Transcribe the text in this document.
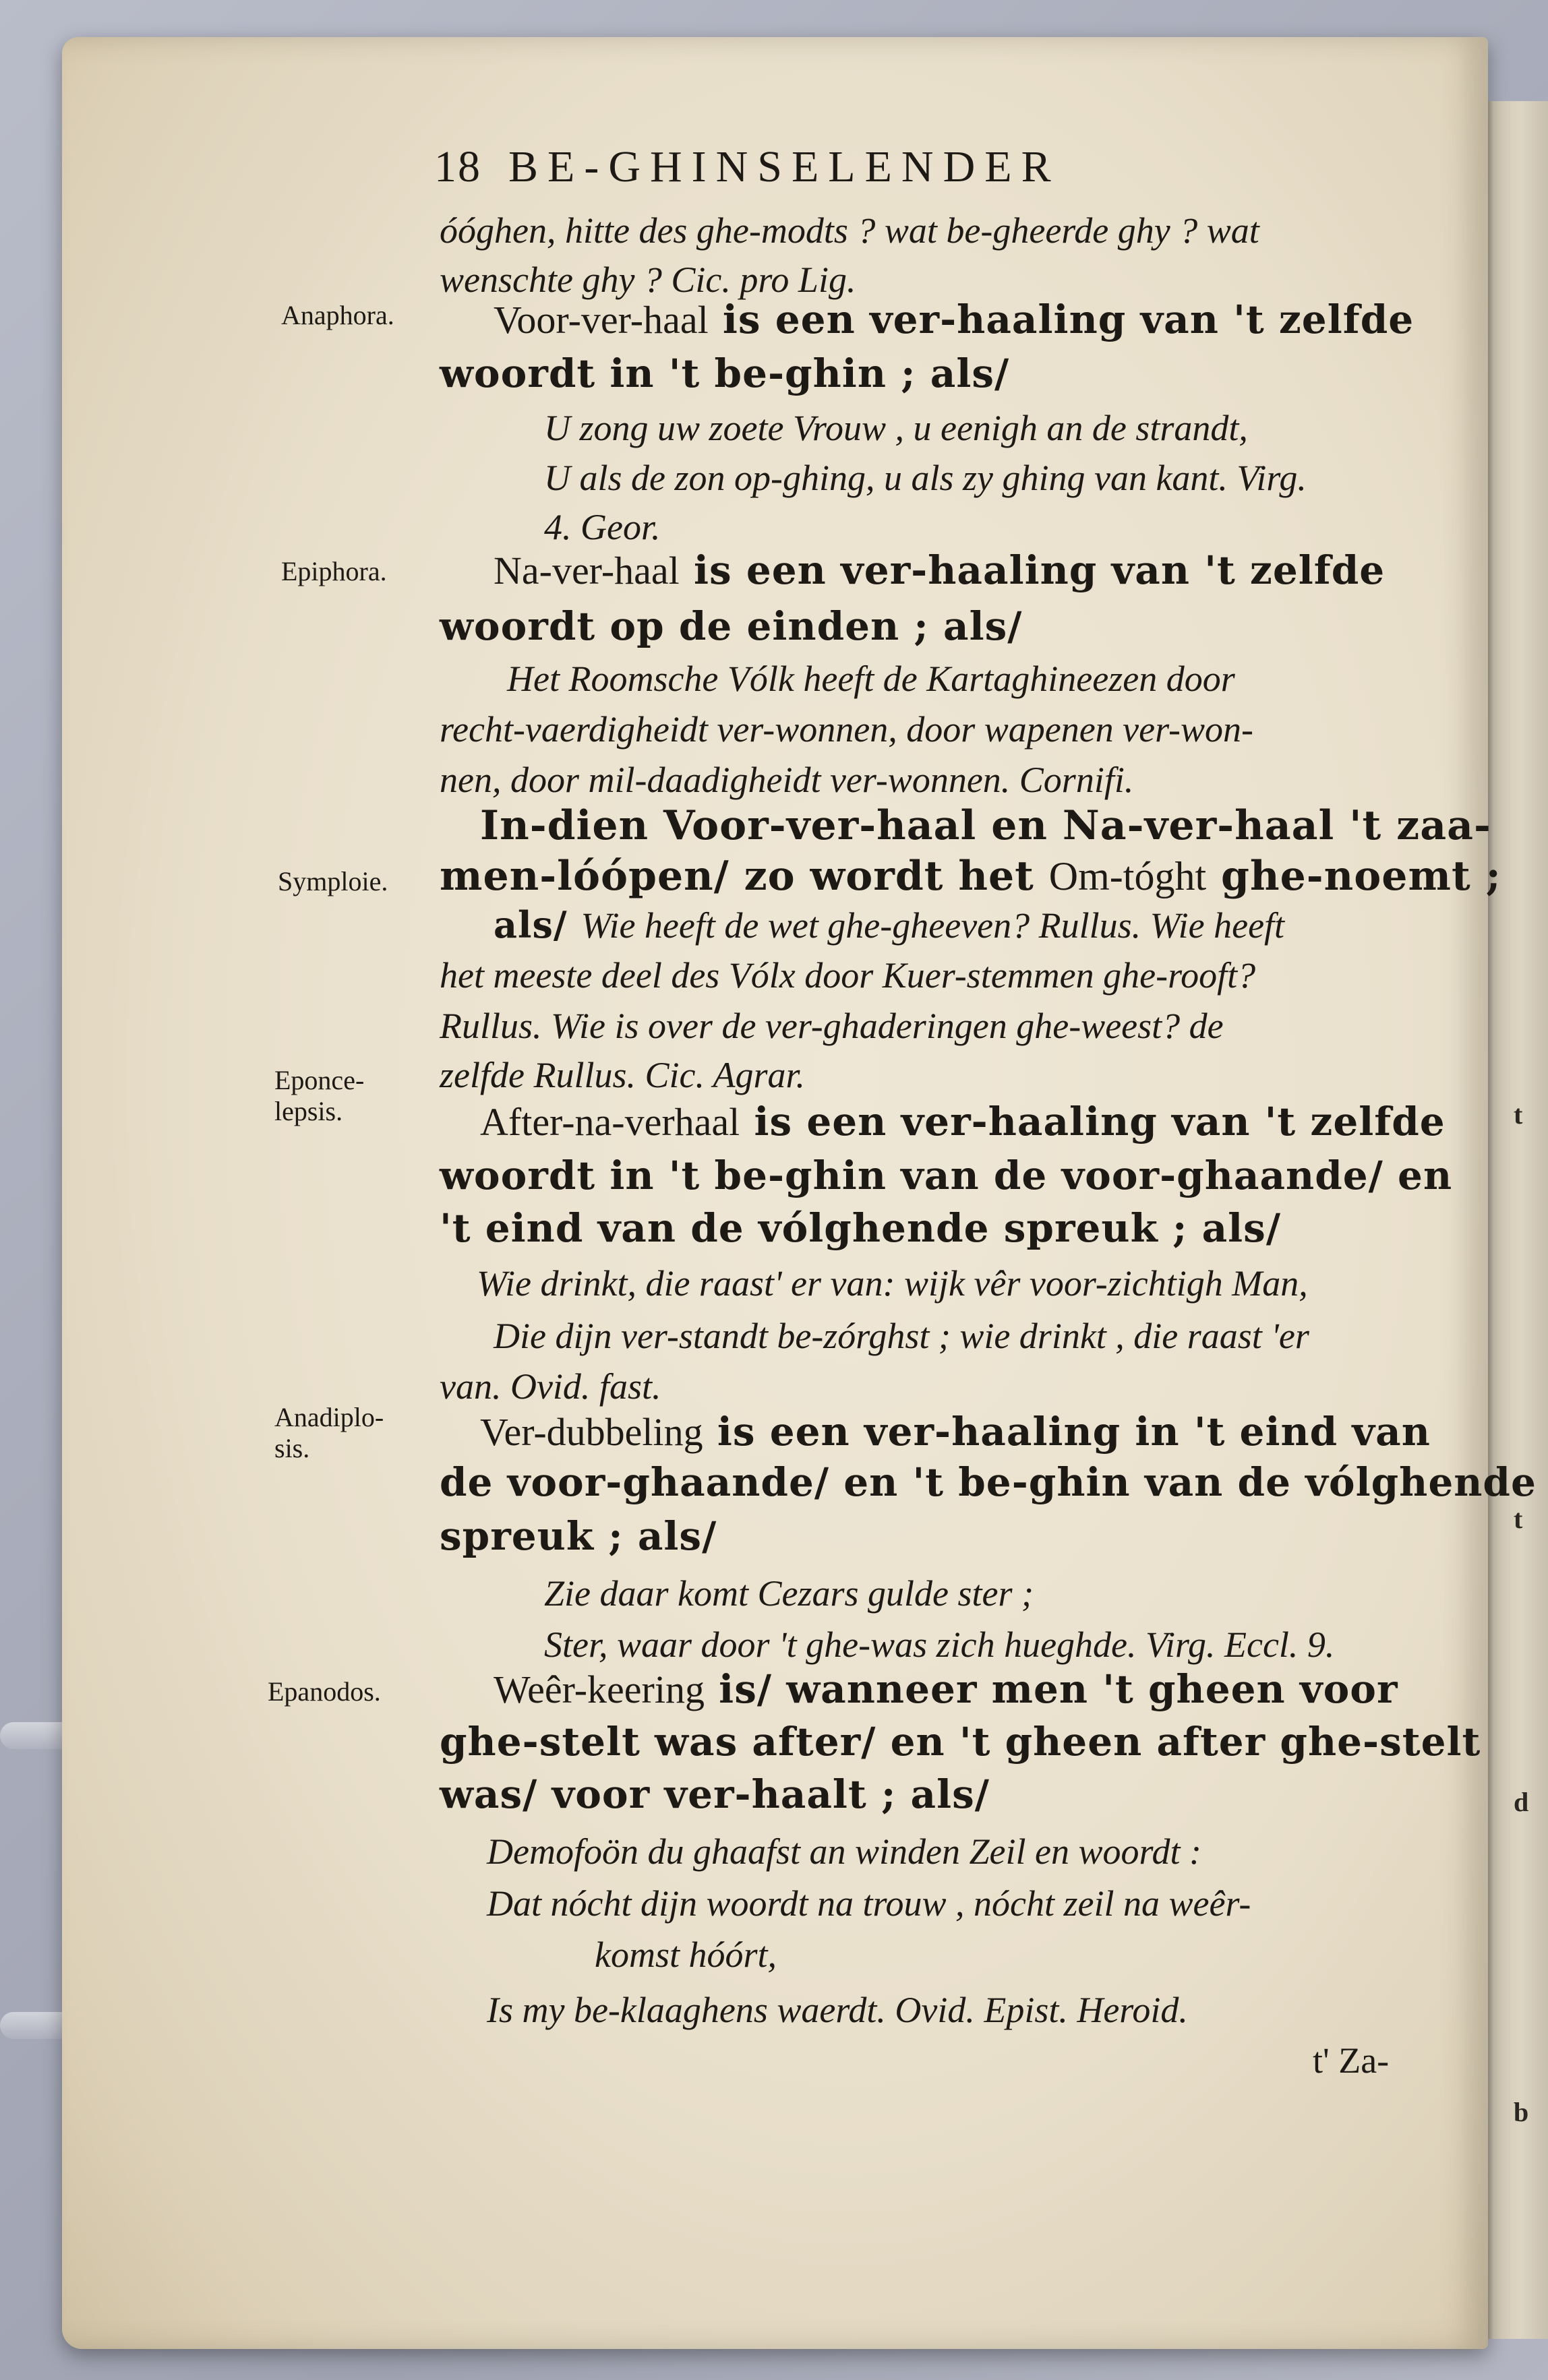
t
t
d
b
18 BE-GHINSELENDER
óóghen, hitte des ghe-modts ? wat be-gheerde ghy ? wat
wenschte ghy ? Cic. pro Lig.
Anaphora.	Voor-ver-haal is een ver-haaling van 't zelfde
woordt in 't be-ghin ; als/
U zong uw zoete Vrouw , u eenigh an de strandt,
U als de zon op-ghing, u als zy ghing van kant. Virg.
4. Geor.
Epiphora.	Na-ver-haal is een ver-haaling van 't zelfde
woordt op de einden ; als/
Het Roomsche Vólk heeft de Kartaghineezen door
recht-vaerdigheidt ver-wonnen, door wapenen ver-won-
nen, door mil-daadigheidt ver-wonnen. Cornifi.
In-dien Voor-ver-haal en Na-ver-haal 't zaa-
Symploie. men-lóópen/ zo wordt het Om-tóght ghe-noemt ;
als/ Wie heeft de wet ghe-gheeven? Rullus. Wie heeft
het meeste deel des Vólx door Kuer-stemmen ghe-rooft?
Rullus. Wie is over de ver-ghaderingen ghe-weest? de
zelfde Rullus. Cic. Agrar.
Eponce-
lepsis.	After-na-verhaal is een ver-haaling van 't zelfde
woordt in 't be-ghin van de voor-ghaande/ en
't eind van de vólghende spreuk ; als/
Wie drinkt, die raast' er van: wijk vêr voor-zichtigh Man,
Die dijn ver-standt be-zórghst ; wie drinkt , die raast 'er
van. Ovid. fast.
Anadiplo-
sis.	Ver-dubbeling is een ver-haaling in 't eind van
de voor-ghaande/ en 't be-ghin van de vólghende
spreuk ; als/
Zie daar komt Cezars gulde ster ;
Ster, waar door 't ghe-was zich hueghde. Virg. Eccl. 9.
Epanodos.	Weêr-keering is/ wanneer men 't gheen voor
ghe-stelt was after/ en 't gheen after ghe-stelt
was/ voor ver-haalt ; als/
Demofoön du ghaafst an winden Zeil en woordt :
Dat nócht dijn woordt na trouw , nócht zeil na weêr-
komst hóórt,
Is my be-klaaghens waerdt. Ovid. Epist. Heroid.
t' Za-
